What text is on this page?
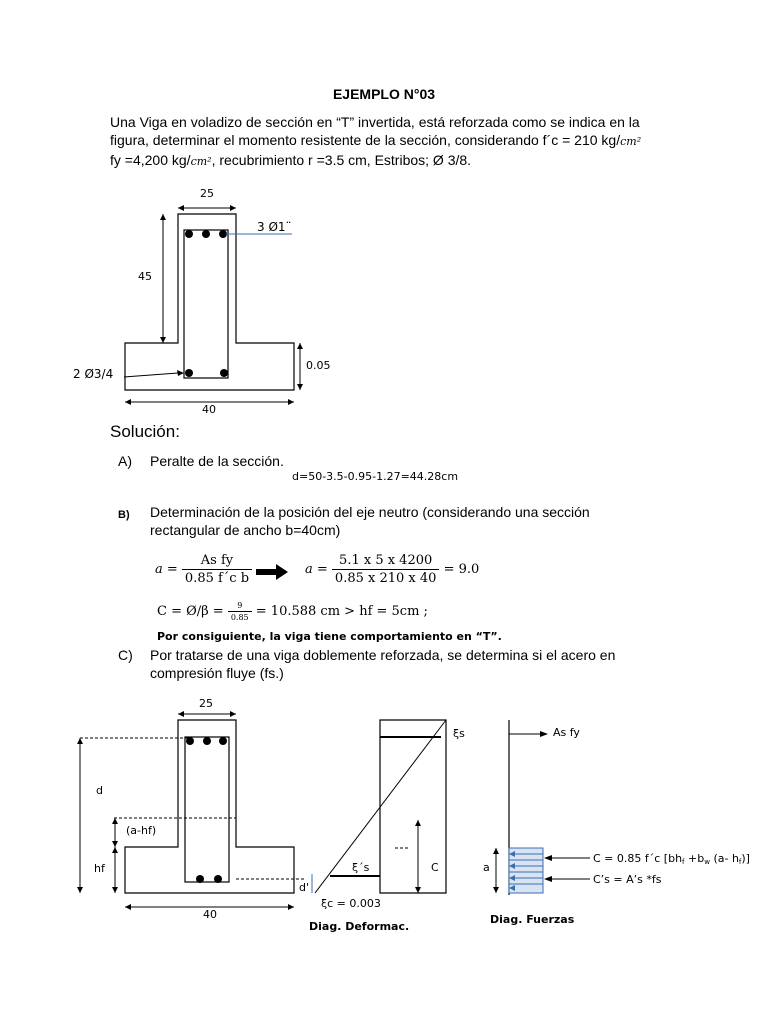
EJEMPLO N°03
Una Viga en voladizo de sección en “T” invertida, está reforzada como se indica en la
figura, determinar el momento resistente de la sección, considerando f´c = 210 kg/cm²
fy =4,200 kg/cm², recubrimiento r =3.5 cm, Estribos; Ø 3/8.
25
45
3 Ø1¨
0.05
2 Ø3/4
40
Solución:
A) Peralte de la sección.
d=50-3.5-0.95-1.27=44.28cm
B) Determinación de la posición del eje neutro (considerando una sección
rectangular de ancho b=40cm)
$a = \frac{\text{As fy}}{\text{0.85 f´c b}}$	$a = \frac{5.1 x 5 x 4200}{0.85 x 210 x 40} = 9.0$
C = Ø/β = $\frac{9}{0.85} = 10.588$ cm > hf = 5cm ;
Por consiguiente, la viga tiene comportamiento en “T”.
C) Por tratarse de una viga doblemente reforzada, se determina si el acero en
compresión fluye (fs.)
25
d
(a-hf)
hf
40
d'
ξs
ξ´s
ξc = 0.003
C
Diag. Deformac.
As fy
a
C = 0.85 f´c [bhf +bw (a- hf)]
C’s = A’s *fs
Diag. Fuerzas
